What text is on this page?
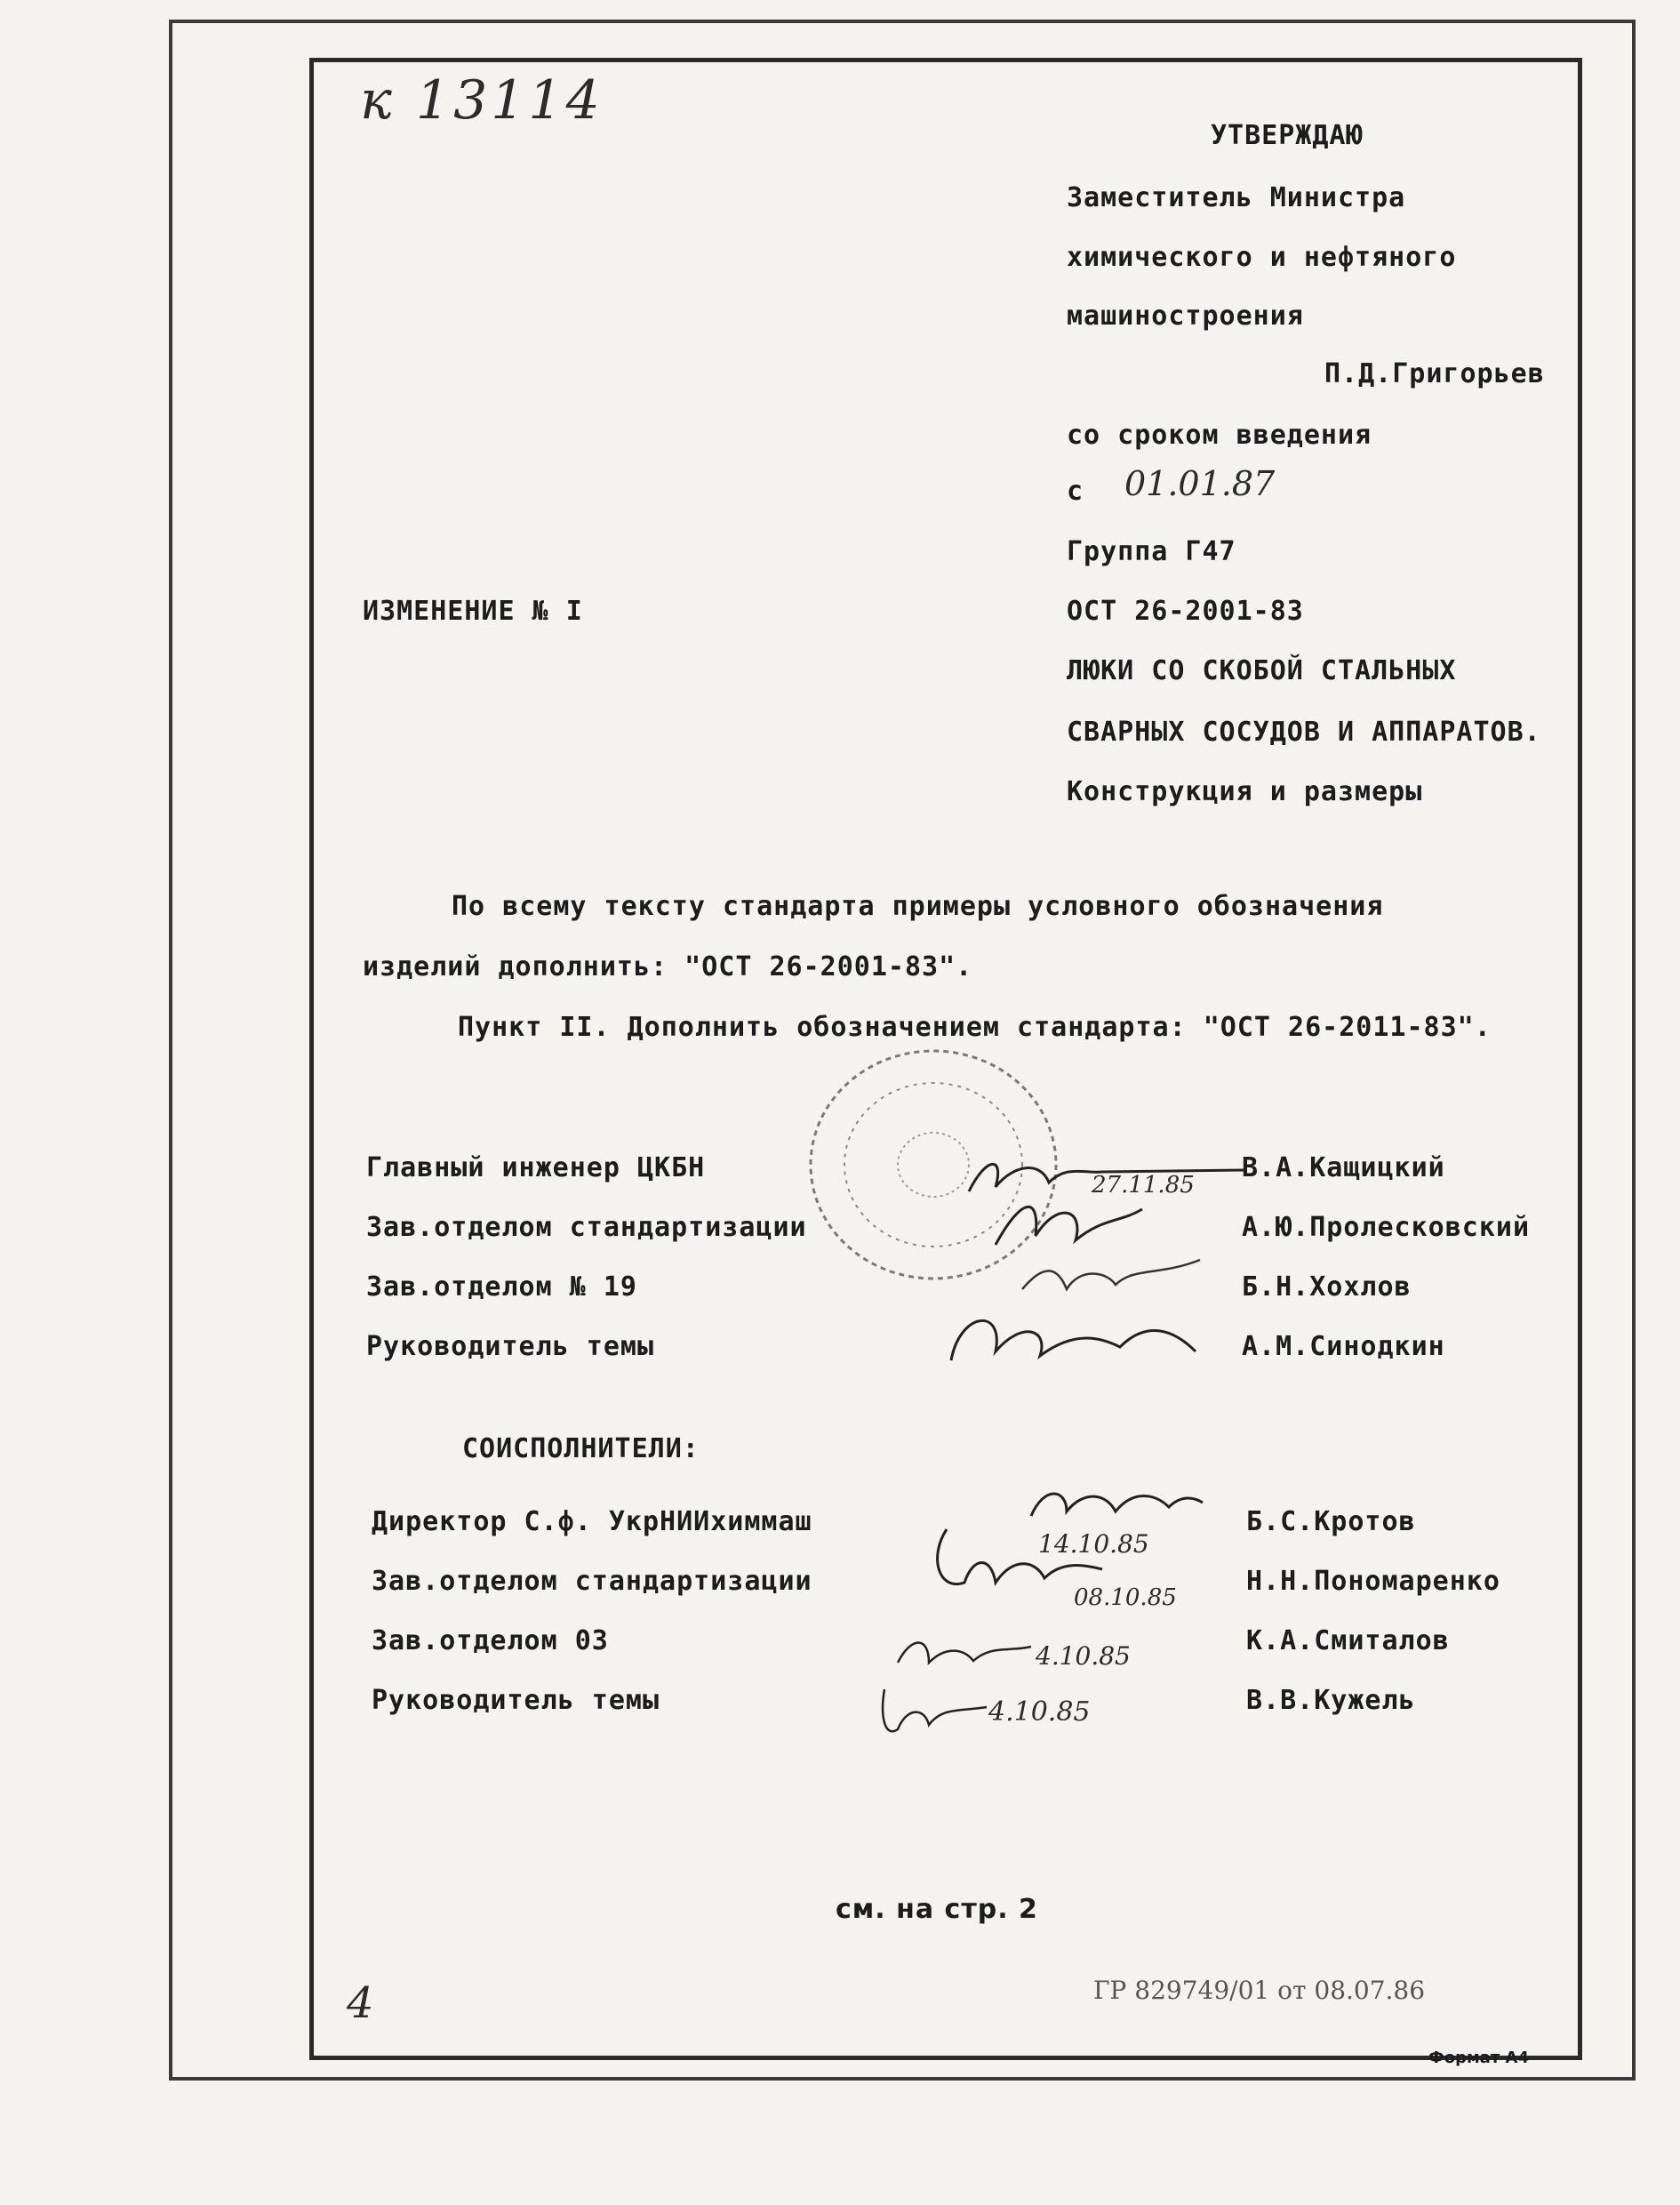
к 13114
УТВЕРЖДАЮ
Заместитель Министра
химического и нефтяного
машиностроения
П.Д.Григорьев
со сроком введения
с 01.01.87
Группа Г47
ИЗМЕНЕНИЕ № I	ОСТ 26-2001-83
ЛЮКИ СО СКОБОЙ СТАЛЬНЫХ
СВАРНЫХ СОСУДОВ И АППАРАТОВ.
Конструкция и размеры
По всему тексту стандарта примеры условного обозначения
изделий дополнить: "ОСТ 26-2001-83".
Пункт II. Дополнить обозначением стандарта: "ОСТ 26-2011-83".
Главный инженер ЦКБН	В.А.Кащицкий
27.11.85
Зав.отделом стандартизации	А.Ю.Пролесковский
Зав.отделом № 19	Б.Н.Хохлов
Руководитель темы	А.М.Синодкин
СОИСПОЛНИТЕЛИ:
Директор С.ф. УкрНИИхиммаш	Б.С.Кротов
14.10.85
Зав.отделом стандартизации	Н.Н.Пономаренко
08.10.85
Зав.отделом 03	К.А.Смиталов
4.10.85
Руководитель темы	В.В.Кужель
4.10.85
см. на стр. 2
ГР 829749/01 от 08.07.86
4
Формат А4
